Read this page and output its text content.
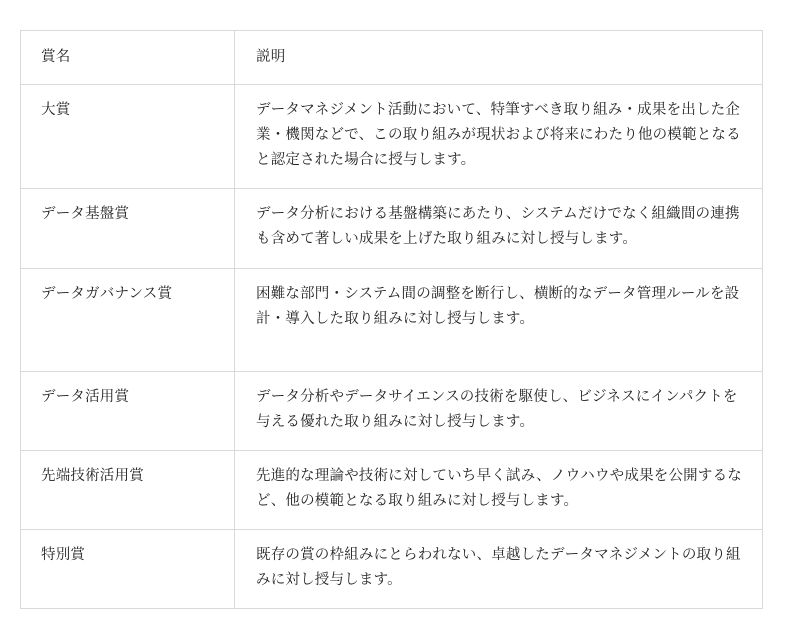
賞名	説明
大賞	データマネジメント活動において、特筆すべき取り組み・成果を出した企業・機関などで、この取り組みが現状および将来にわたり他の模範となると認定された場合に授与します。
データ基盤賞	データ分析における基盤構築にあたり、システムだけでなく組織間の連携も含めて著しい成果を上げた取り組みに対し授与します。
データガバナンス賞	困難な部門・システム間の調整を断行し、横断的なデータ管理ルールを設計・導入した取り組みに対し授与します。
データ活用賞	データ分析やデータサイエンスの技術を駆使し、ビジネスにインパクトを与える優れた取り組みに対し授与します。
先端技術活用賞	先進的な理論や技術に対していち早く試み、ノウハウや成果を公開するなど、他の模範となる取り組みに対し授与します。
特別賞	既存の賞の枠組みにとらわれない、卓越したデータマネジメントの取り組みに対し授与します。
